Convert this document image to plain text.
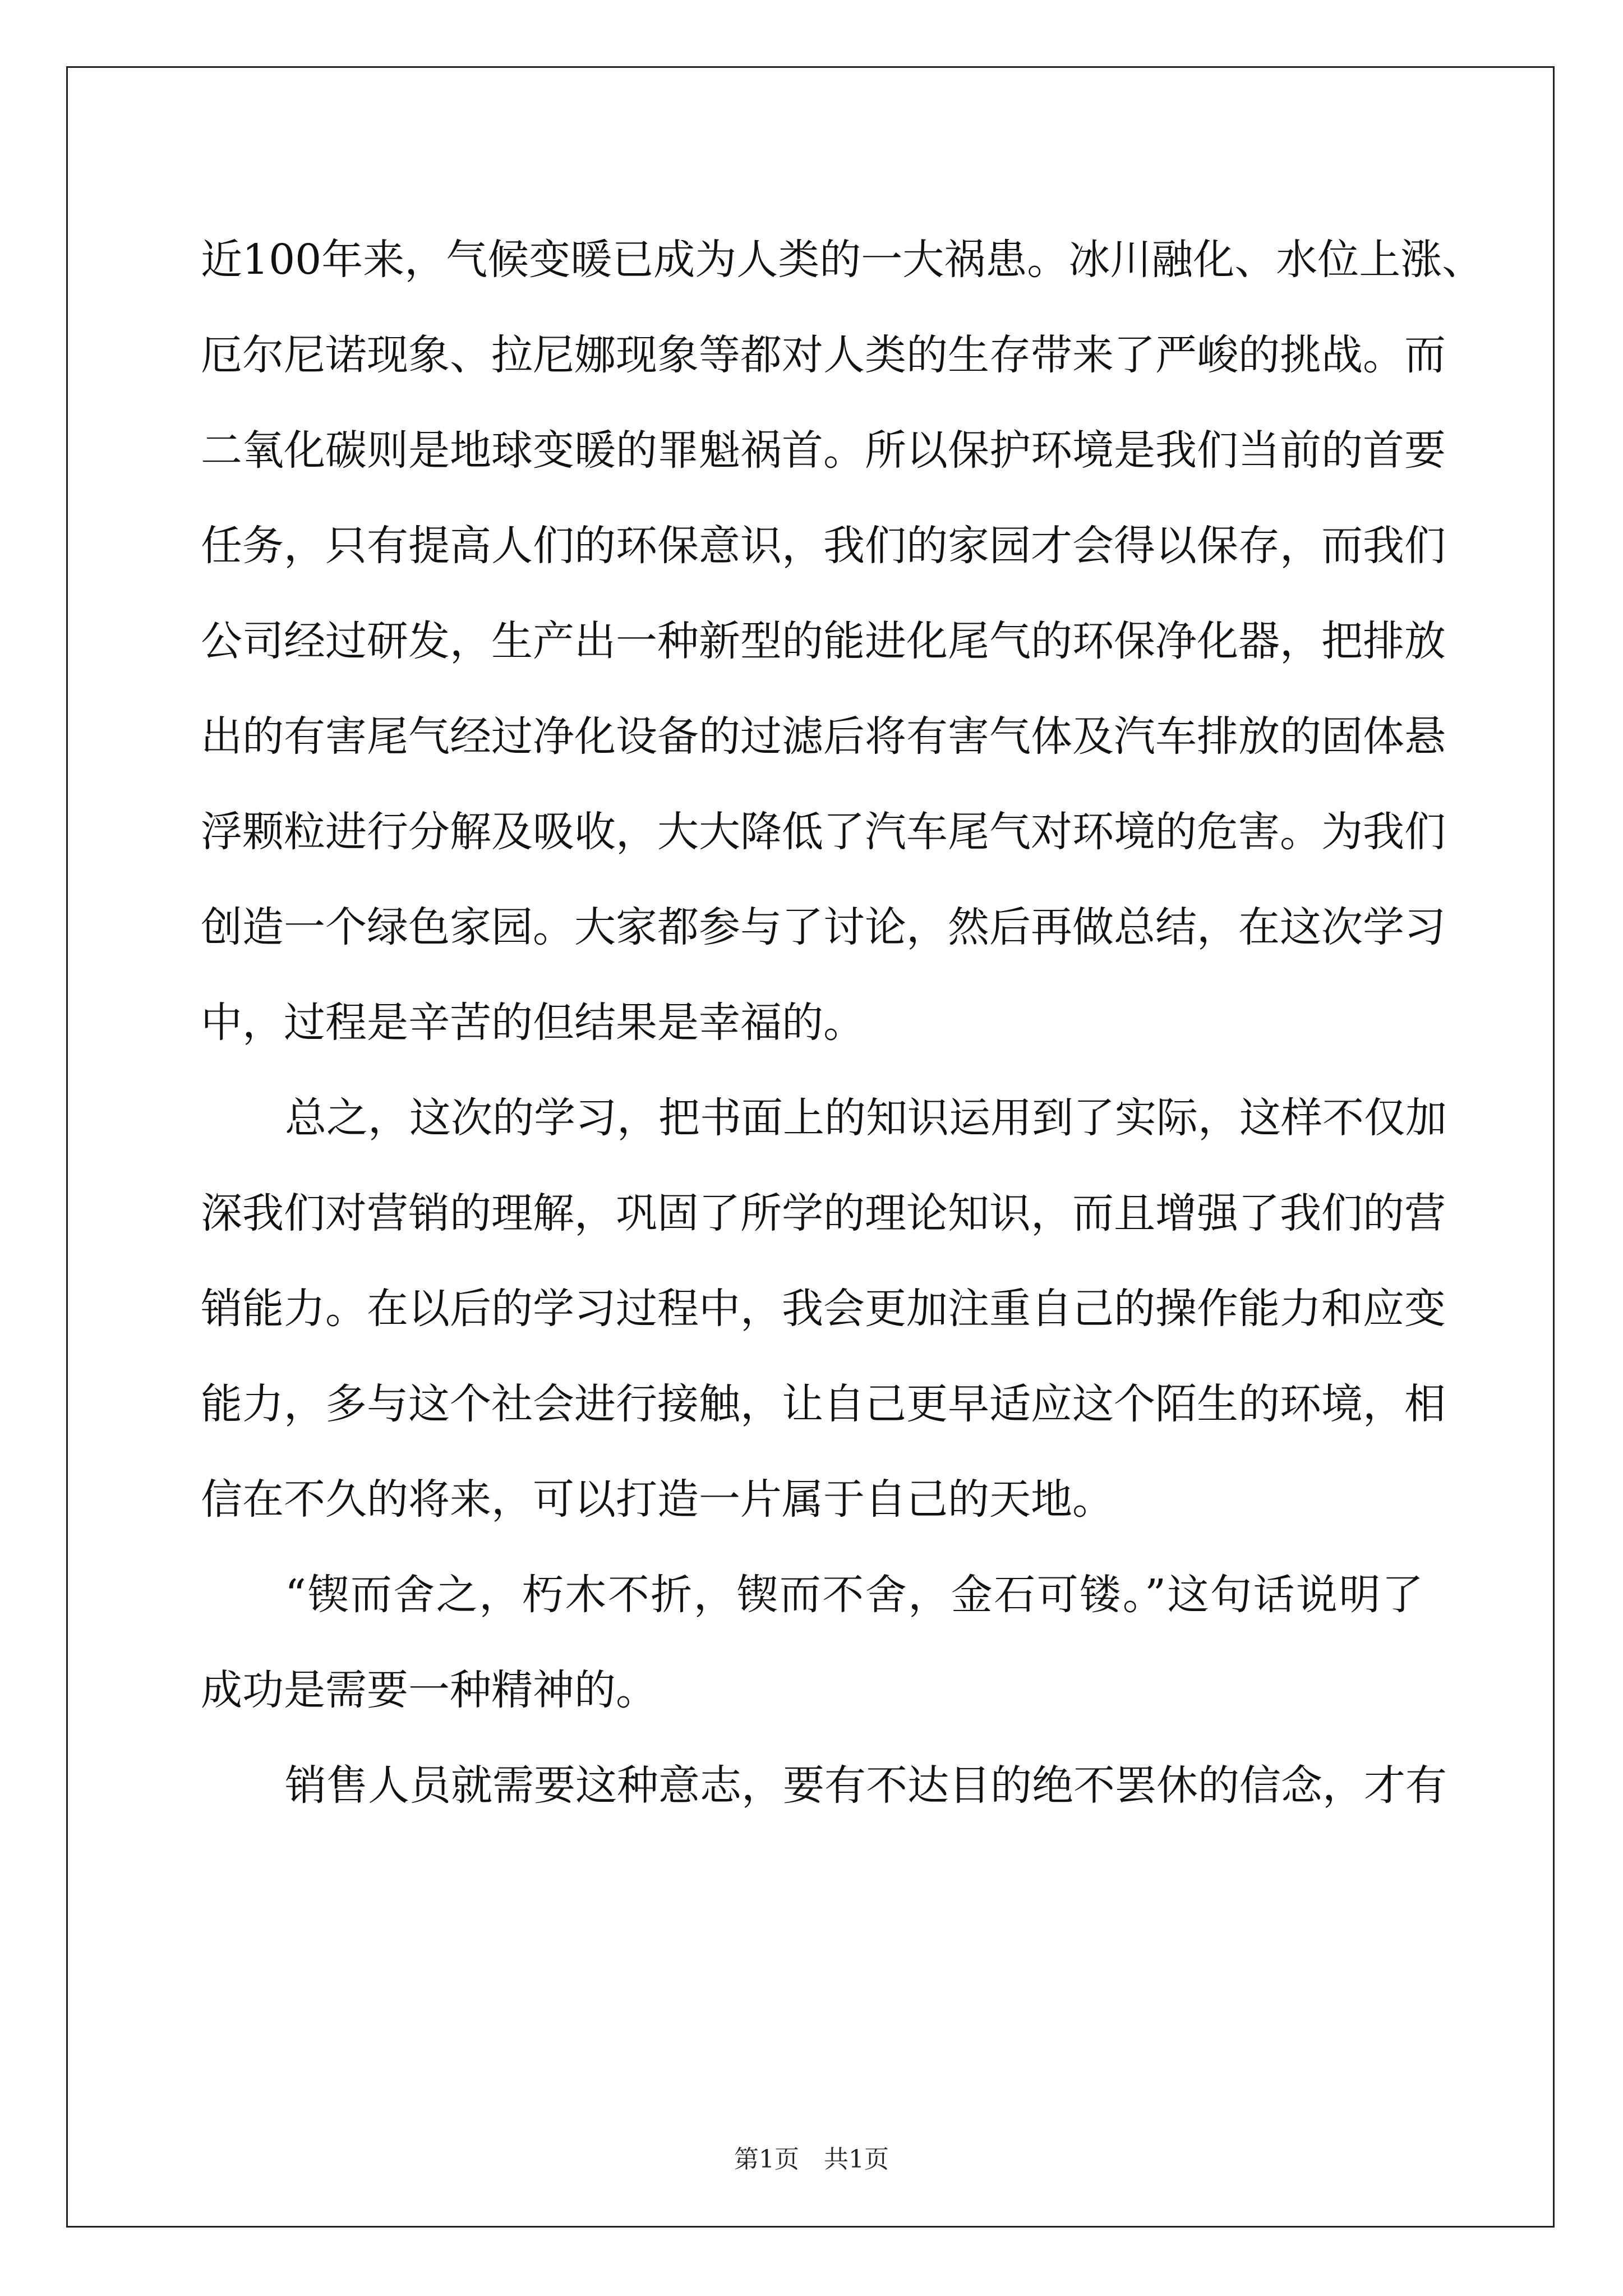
近100年来，气候变暖已成为人类的一大祸患。冰川融化、水位上涨、
厄尔尼诺现象、拉尼娜现象等都对人类的生存带来了严峻的挑战。而
二氧化碳则是地球变暖的罪魁祸首。所以保护环境是我们当前的首要
任务，只有提高人们的环保意识，我们的家园才会得以保存，而我们
公司经过研发，生产出一种新型的能进化尾气的环保净化器，把排放
出的有害尾气经过净化设备的过滤后将有害气体及汽车排放的固体悬
浮颗粒进行分解及吸收，大大降低了汽车尾气对环境的危害。为我们
创造一个绿色家园。大家都参与了讨论，然后再做总结，在这次学习
中，过程是辛苦的但结果是幸福的。
总之，这次的学习，把书面上的知识运用到了实际，这样不仅加
深我们对营销的理解，巩固了所学的理论知识，而且增强了我们的营
销能力。在以后的学习过程中，我会更加注重自己的操作能力和应变
能力，多与这个社会进行接触，让自己更早适应这个陌生的环境，相
信在不久的将来，可以打造一片属于自己的天地。
“锲而舍之，朽木不折，锲而不舍，金石可镂。”这句话说明了
成功是需要一种精神的。
销售人员就需要这种意志，要有不达目的绝不罢休的信念，才有
第1页　共1页
